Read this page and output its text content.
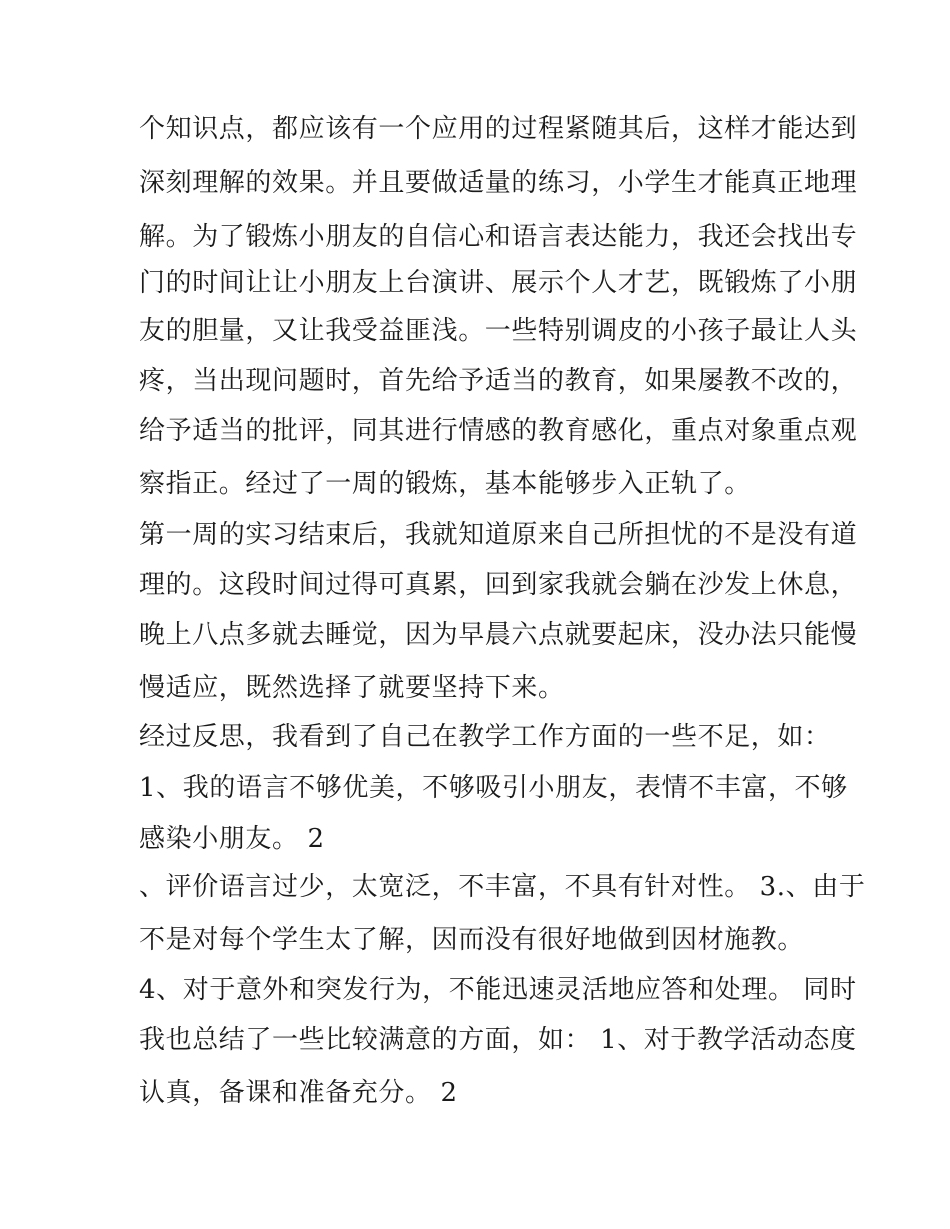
个知识点，都应该有一个应用的过程紧随其后，这样才能达到
深刻理解的效果。并且要做适量的练习，小学生才能真正地理
解。为了锻炼小朋友的自信心和语言表达能力，我还会找出专
门的时间让让小朋友上台演讲、展示个人才艺，既锻炼了小朋
友的胆量，又让我受益匪浅。一些特别调皮的小孩子最让人头
疼，当出现问题时，首先给予适当的教育，如果屡教不改的，
给予适当的批评，同其进行情感的教育感化，重点对象重点观
察指正。经过了一周的锻炼，基本能够步入正轨了。
第一周的实习结束后，我就知道原来自己所担忧的不是没有道
理的。这段时间过得可真累，回到家我就会躺在沙发上休息，
晚上八点多就去睡觉，因为早晨六点就要起床，没办法只能慢
慢适应，既然选择了就要坚持下来。
经过反思，我看到了自己在教学工作方面的一些不足，如：
1、我的语言不够优美，不够吸引小朋友，表情不丰富，不够
感染小朋友。 2
、评价语言过少，太宽泛，不丰富，不具有针对性。 3.、由于
不是对每个学生太了解，因而没有很好地做到因材施教。
4、对于意外和突发行为，不能迅速灵活地应答和处理。 同时
我也总结了一些比较满意的方面，如： 1、对于教学活动态度
认真，备课和准备充分。 2
